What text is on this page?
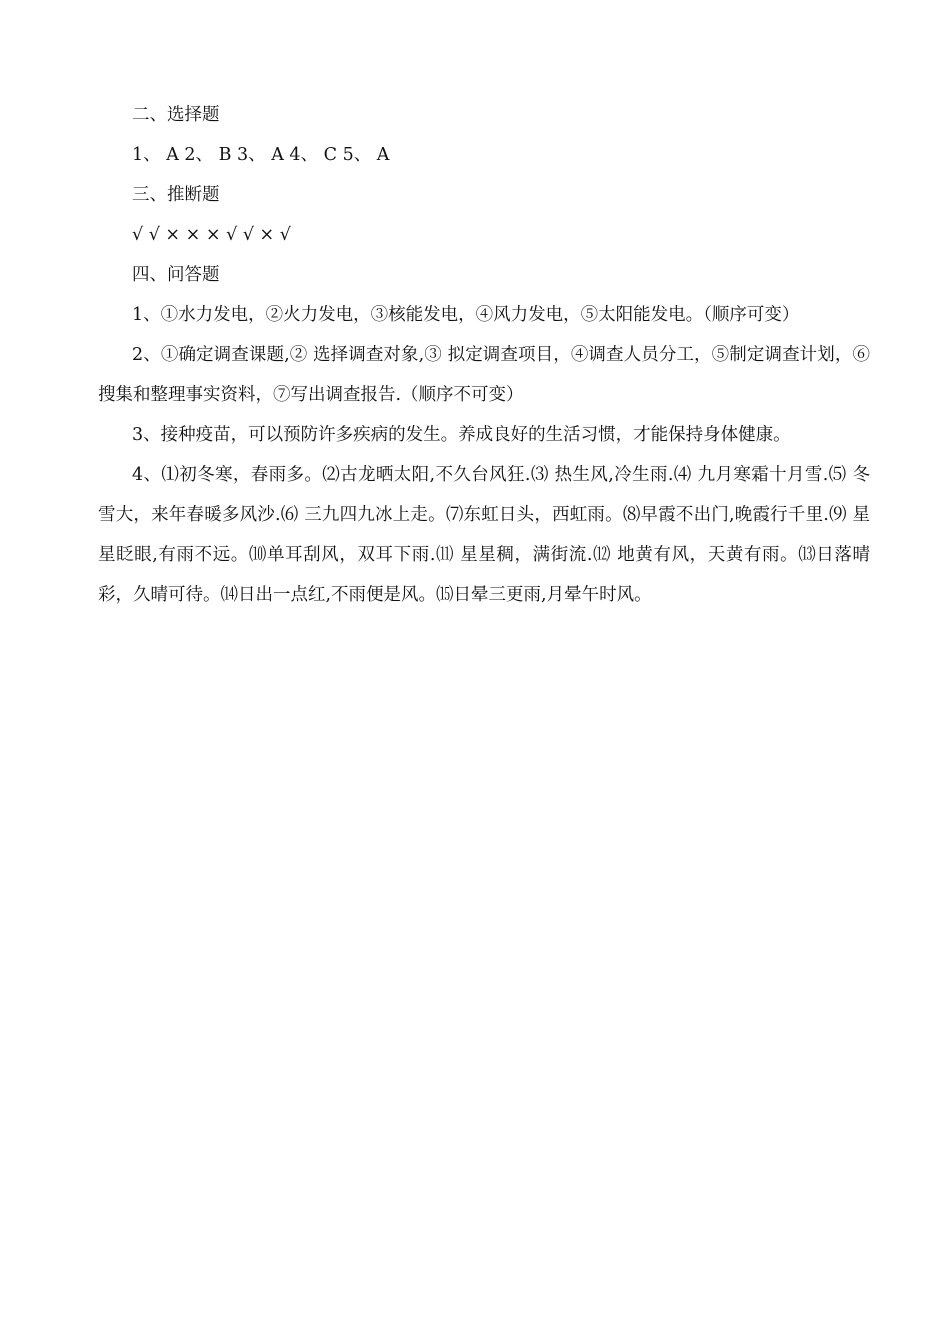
二、选择题

1、 A 2、 B 3、 A 4、 C 5、 A

三、推断题

√ √ × × × √ √ × √

四、问答题

1、①水力发电，②火力发电，③核能发电，④风力发电，⑤太阳能发电。（顺序可变）

2、①确定调查课题,② 选择调查对象,③ 拟定调查项目，④调查人员分工，⑤制定调查计划，⑥搜集和整理事实资料，⑦写出调查报告.（顺序不可变）

3、接种疫苗，可以预防许多疾病的发生。养成良好的生活习惯，才能保持身体健康。

4、⑴初冬寒，春雨多。⑵古龙晒太阳,不久台风狂.⑶ 热生风,冷生雨.⑷ 九月寒霜十月雪.⑸ 冬雪大，来年春暖多风沙.⑹ 三九四九冰上走。⑺东虹日头，西虹雨。⑻早霞不出门,晚霞行千里.⑼ 星星眨眼,有雨不远。⑽单耳刮风，双耳下雨.⑾ 星星稠，满街流.⑿ 地黄有风，天黄有雨。⒀日落晴彩，久晴可待。⒁日出一点红,不雨便是风。⒂日晕三更雨,月晕午时风。
